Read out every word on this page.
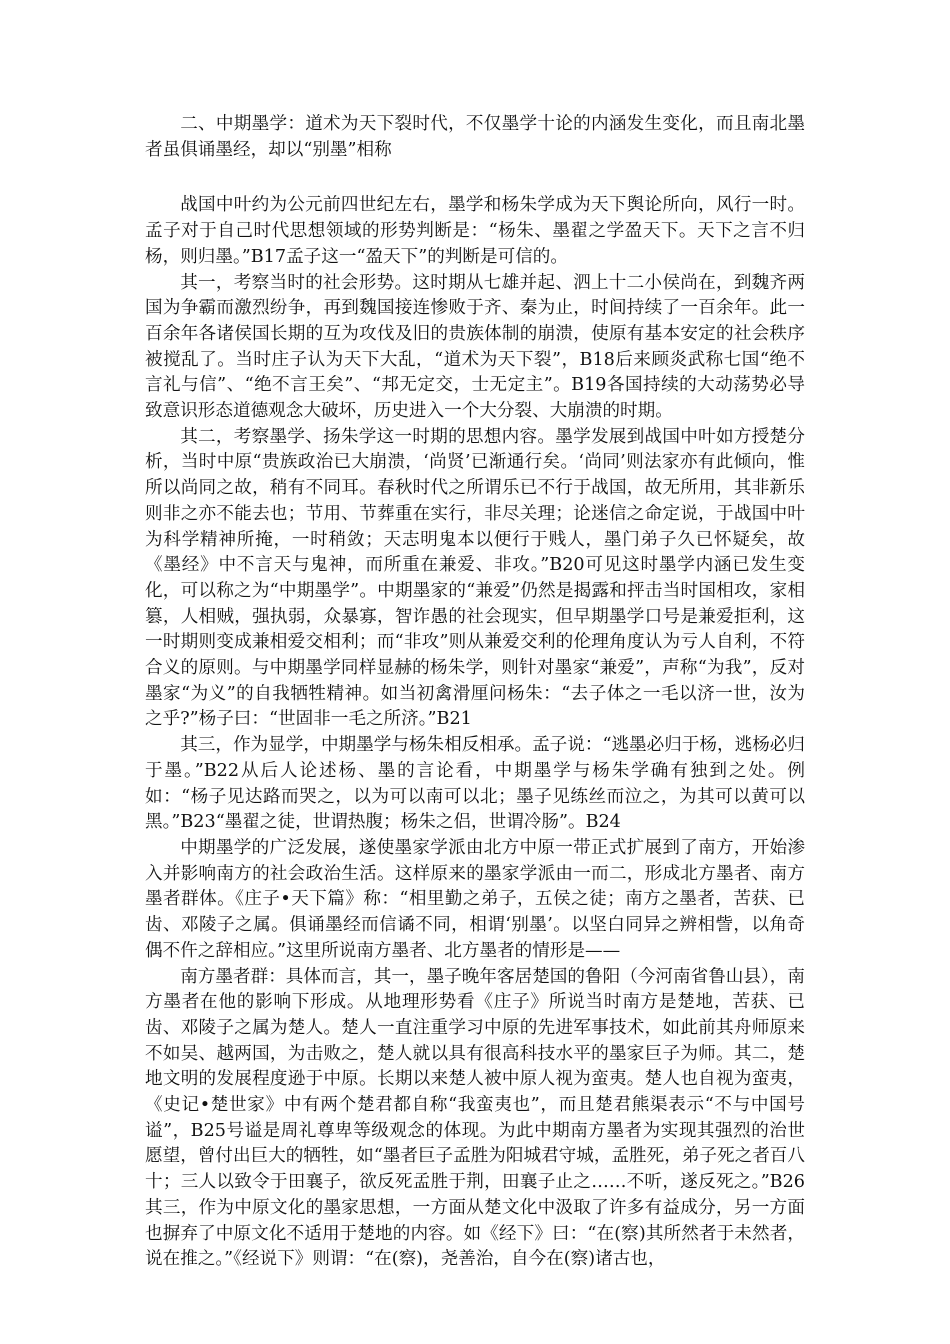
二、中期墨学：道术为天下裂时代，不仅墨学十论的内涵发生变化，而且南北墨者虽俱诵墨经，却以“别墨”相称

战国中叶约为公元前四世纪左右，墨学和杨朱学成为天下舆论所向，风行一时。孟子对于自己时代思想领域的形势判断是：“杨朱、墨翟之学盈天下。天下之言不归杨，则归墨。”B17孟子这一“盈天下”的判断是可信的。

其一，考察当时的社会形势。这时期从七雄并起、泗上十二小侯尚在，到魏齐两国为争霸而激烈纷争，再到魏国接连惨败于齐、秦为止，时间持续了一百余年。此一百余年各诸侯国长期的互为攻伐及旧的贵族体制的崩溃，使原有基本安定的社会秩序被搅乱了。当时庄子认为天下大乱，“道术为天下裂”，B18后来顾炎武称七国“绝不言礼与信”、“绝不言王矣”、“邦无定交，士无定主”。B19各国持续的大动荡势必导致意识形态道德观念大破坏，历史进入一个大分裂、大崩溃的时期。

其二，考察墨学、扬朱学这一时期的思想内容。墨学发展到战国中叶如方授楚分析，当时中原“贵族政治已大崩溃，‘尚贤’已渐通行矣。‘尚同’则法家亦有此倾向，惟所以尚同之故，稍有不同耳。春秋时代之所谓乐已不行于战国，故无所用，其非新乐则非之亦不能去也；节用、节葬重在实行，非尽关理；论迷信之命定说，于战国中叶为科学精神所掩，一时稍敛；天志明鬼本以便行于贱人，墨门弟子久已怀疑矣，故《墨经》中不言天与鬼神，而所重在兼爱、非攻。”B20可见这时墨学内涵已发生变化，可以称之为“中期墨学”。中期墨家的“兼爱”仍然是揭露和抨击当时国相攻，家相篡，人相贼，强执弱，众暴寡，智诈愚的社会现实，但早期墨学口号是兼爱拒利，这一时期则变成兼相爱交相利；而“非攻”则从兼爱交利的伦理角度认为亏人自利，不符合义的原则。与中期墨学同样显赫的杨朱学，则针对墨家“兼爱”，声称“为我”，反对墨家“为义”的自我牺牲精神。如当初禽滑厘问杨朱：“去子体之一毛以济一世，汝为之乎?”杨子曰：“世固非一毛之所济。”B21

其三，作为显学，中期墨学与杨朱相反相承。孟子说：“逃墨必归于杨，逃杨必归于墨。”B22从后人论述杨、墨的言论看，中期墨学与杨朱学确有独到之处。例如：“杨子见达路而哭之，以为可以南可以北；墨子见练丝而泣之，为其可以黄可以黑。”B23“墨翟之徒，世谓热腹；杨朱之侣，世谓冷肠”。B24

中期墨学的广泛发展，遂使墨家学派由北方中原一带正式扩展到了南方，开始渗入并影响南方的社会政治生活。这样原来的墨家学派由一而二，形成北方墨者、南方墨者群体。《庄子•天下篇》称：“相里勤之弟子，五侯之徒；南方之墨者，苦获、已齿、邓陵子之属。俱诵墨经而信谲不同，相谓‘别墨’。以坚白同异之辨相訾，以角奇偶不仵之辞相应。”这里所说南方墨者、北方墨者的情形是——

南方墨者群：具体而言，其一，墨子晚年客居楚国的鲁阳（今河南省鲁山县），南方墨者在他的影响下形成。从地理形势看《庄子》所说当时南方是楚地，苦获、已齿、邓陵子之属为楚人。楚人一直注重学习中原的先进军事技术，如此前其舟师原来不如吴、越两国，为击败之，楚人就以具有很高科技水平的墨家巨子为师。其二，楚地文明的发展程度逊于中原。长期以来楚人被中原人视为蛮夷。楚人也自视为蛮夷，《史记•楚世家》中有两个楚君都自称“我蛮夷也”，而且楚君熊渠表示“不与中国号谥”，B25号谥是周礼尊卑等级观念的体现。为此中期南方墨者为实现其强烈的治世愿望，曾付出巨大的牺牲，如“墨者巨子孟胜为阳城君守城，孟胜死，弟子死之者百八十；三人以致令于田襄子，欲反死孟胜于荆，田襄子止之……不听，遂反死之。”B26其三，作为中原文化的墨家思想，一方面从楚文化中汲取了许多有益成分，另一方面也摒弃了中原文化不适用于楚地的内容。如《经下》曰：“在(察)其所然者于未然者，说在推之。”《经说下》则谓：“在(察)，尧善治，自今在(察)诸古也，
